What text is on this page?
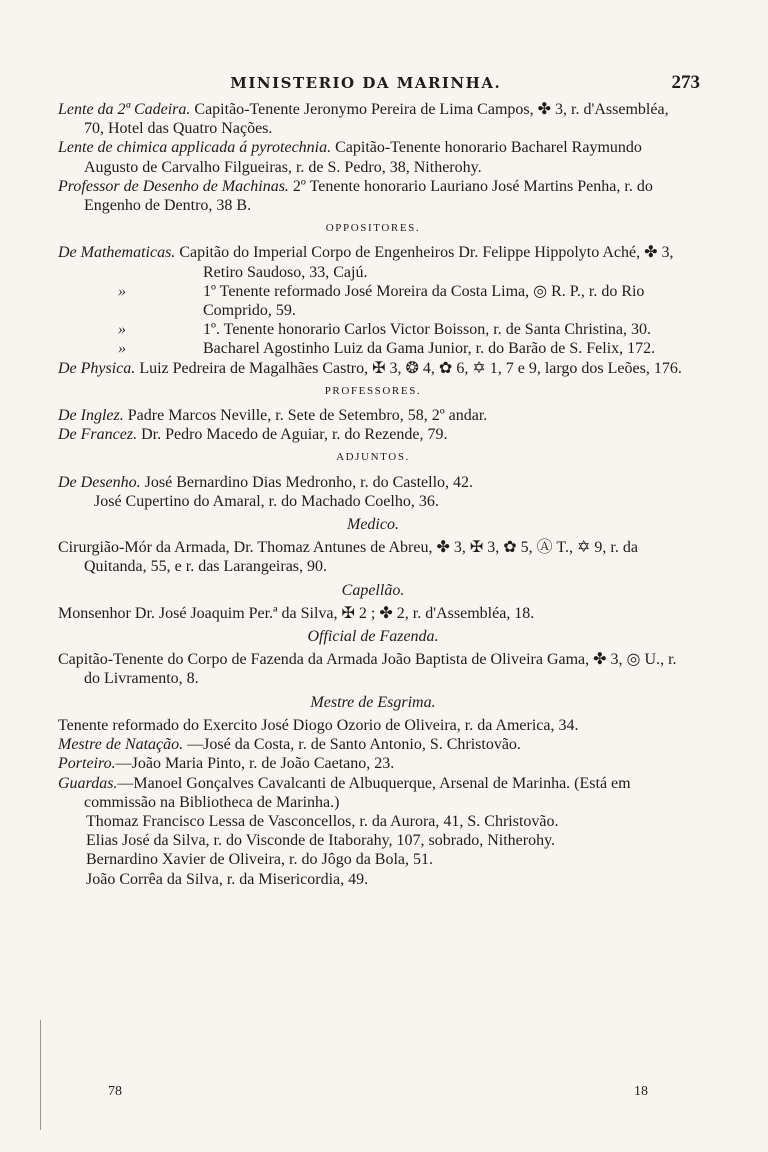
MINISTERIO DA MARINHA.	273

Lente da 2ª Cadeira. Capitão-Tenente Jeronymo Pereira de Lima Campos, ✤ 3, r. d'Assembléa, 70, Hotel das Quatro Nações.

Lente de chimica applicada á pyrotechnia. Capitão-Tenente honorario Bacharel Raymundo Augusto de Carvalho Filgueiras, r. de S. Pedro, 38, Nitherohy.

Professor de Desenho de Machinas. 2º Tenente honorario Lauriano José Martins Penha, r. do Engenho de Dentro, 38 B.

OPPOSITORES.

De Mathematicas. Capitão do Imperial Corpo de Engenheiros Dr. Felippe Hippolyto Aché, ✤ 3, Retiro Saudoso, 33, Cajú.

»	1º Tenente reformado José Moreira da Costa Lima, ◎ R. P., r. do Rio Comprido, 59.

»	1º. Tenente honorario Carlos Victor Boisson, r. de Santa Christina, 30.

»	Bacharel Agostinho Luiz da Gama Junior, r. do Barão de S. Felix, 172.

De Physica. Luiz Pedreira de Magalhães Castro, ✠ 3, ❂ 4, ✿ 6, ✡ 1, 7 e 9, largo dos Leões, 176.

PROFESSORES.

De Inglez. Padre Marcos Neville, r. Sete de Setembro, 58, 2º andar.

De Francez. Dr. Pedro Macedo de Aguiar, r. do Rezende, 79.

ADJUNTOS.

De Desenho. José Bernardino Dias Medronho, r. do Castello, 42.

José Cupertino do Amaral, r. do Machado Coelho, 36.

Medico.

Cirurgião-Mór da Armada, Dr. Thomaz Antunes de Abreu, ✤ 3, ✠ 3, ✿ 5, Ⓐ T., ✡ 9, r. da Quitanda, 55, e r. das Larangeiras, 90.

Capellão.

Monsenhor Dr. José Joaquim Per.ª da Silva, ✠ 2 ; ✤ 2, r. d'Assembléa, 18.

Official de Fazenda.

Capitão-Tenente do Corpo de Fazenda da Armada João Baptista de Oliveira Gama, ✤ 3, ◎ U., r. do Livramento, 8.

Mestre de Esgrima.

Tenente reformado do Exercito José Diogo Ozorio de Oliveira, r. da America, 34.

Mestre de Natação. —José da Costa, r. de Santo Antonio, S. Christovão.

Porteiro.—João Maria Pinto, r. de João Caetano, 23.

Guardas.—Manoel Gonçalves Cavalcanti de Albuquerque, Arsenal de Marinha. (Está em commissão na Bibliotheca de Marinha.)

Thomaz Francisco Lessa de Vasconcellos, r. da Aurora, 41, S. Christovão.

Elias José da Silva, r. do Visconde de Itaborahy, 107, sobrado, Nitherohy.

Bernardino Xavier de Oliveira, r. do Jôgo da Bola, 51.

João Corrêa da Silva, r. da Misericordia, 49.

78	18
